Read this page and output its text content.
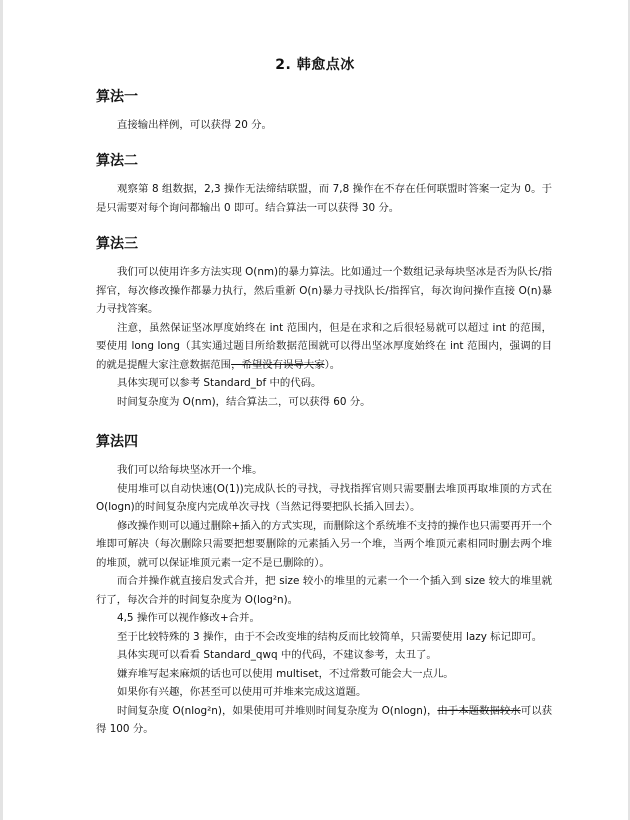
2. 韩愈点冰
算法一

直接输出样例，可以获得 20 分。

算法二

观察第 8 组数据，2,3 操作无法缔结联盟，而 7,8 操作在不存在任何联盟时答案一定为 0。于是只需要对每个询问都输出 0 即可。结合算法一可以获得 30 分。

算法三

我们可以使用许多方法实现 O(nm)的暴力算法。比如通过一个数组记录每块坚冰是否为队长/指挥官，每次修改操作都暴力执行，然后重新 O(n)暴力寻找队长/指挥官，每次询问操作直接 O(n)暴力寻找答案。

注意，虽然保证坚冰厚度始终在 int 范围内，但是在求和之后很轻易就可以超过 int 的范围，要使用 long long（其实通过题目所给数据范围就可以得出坚冰厚度始终在 int 范围内，强调的目的就是提醒大家注意数据范围，希望没有误导大家）。

具体实现可以参考 Standard_bf 中的代码。

时间复杂度为 O(nm)，结合算法二，可以获得 60 分。

算法四

我们可以给每块坚冰开一个堆。

使用堆可以自动快速(O(1))完成队长的寻找，寻找指挥官则只需要删去堆顶再取堆顶的方式在 O(logn)的时间复杂度内完成单次寻找（当然记得要把队长插入回去）。

修改操作则可以通过删除+插入的方式实现，而删除这个系统堆不支持的操作也只需要再开一个堆即可解决（每次删除只需要把想要删除的元素插入另一个堆，当两个堆顶元素相同时删去两个堆的堆顶，就可以保证堆顶元素一定不是已删除的）。

而合并操作就直接启发式合并，把 size 较小的堆里的元素一个一个插入到 size 较大的堆里就行了，每次合并的时间复杂度为 O(log²n)。

4,5 操作可以视作修改+合并。

至于比较特殊的 3 操作，由于不会改变堆的结构反而比较简单，只需要使用 lazy 标记即可。

具体实现可以看看 Standard_qwq 中的代码，不建议参考，太丑了。

嫌弃堆写起来麻烦的话也可以使用 multiset，不过常数可能会大一点儿。

如果你有兴趣，你甚至可以使用可并堆来完成这道题。

时间复杂度 O(nlog²n)，如果使用可并堆则时间复杂度为 O(nlogn)，由于本题数据较水可以获得 100 分。
